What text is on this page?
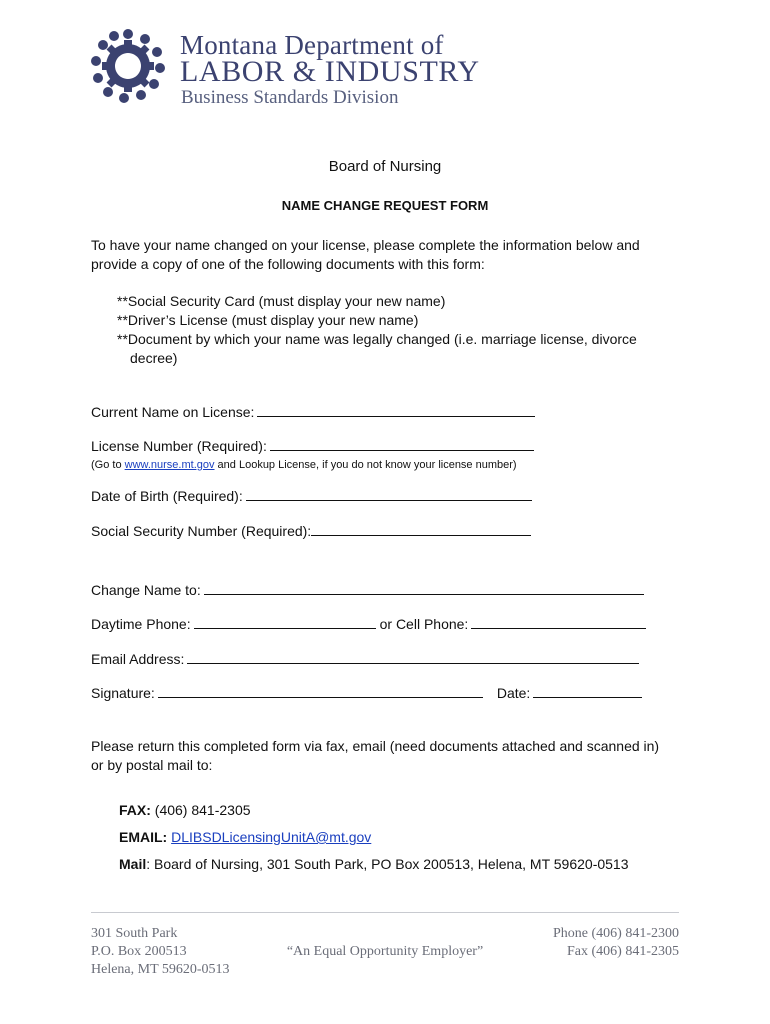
Montana Department of
LABOR & INDUSTRY
Business Standards Division
Board of Nursing
NAME CHANGE REQUEST FORM
To have your name changed on your license, please complete the information below and provide a copy of one of the following documents with this form:
**Social Security Card (must display your new name)
**Driver’s License (must display your new name)
**Document by which your name was legally changed (i.e. marriage license, divorce
decree)
Current Name on License:
License Number (Required):
(Go to www.nurse.mt.gov and Lookup License, if you do not know your license number)
Date of Birth (Required):
Social Security Number (Required):
Change Name to:
Daytime Phone:	or Cell Phone:
Email Address:
Signature:	Date:
Please return this completed form via fax, email (need documents attached and scanned in) or by postal mail to:
FAX: (406) 841-2305
EMAIL: DLIBSDLicensingUnitA@mt.gov
Mail: Board of Nursing, 301 South Park, PO Box 200513, Helena, MT 59620-0513
301 South Park
P.O. Box 200513
Helena, MT 59620-0513
“An Equal Opportunity Employer”
Phone (406) 841-2300
Fax (406) 841-2305
